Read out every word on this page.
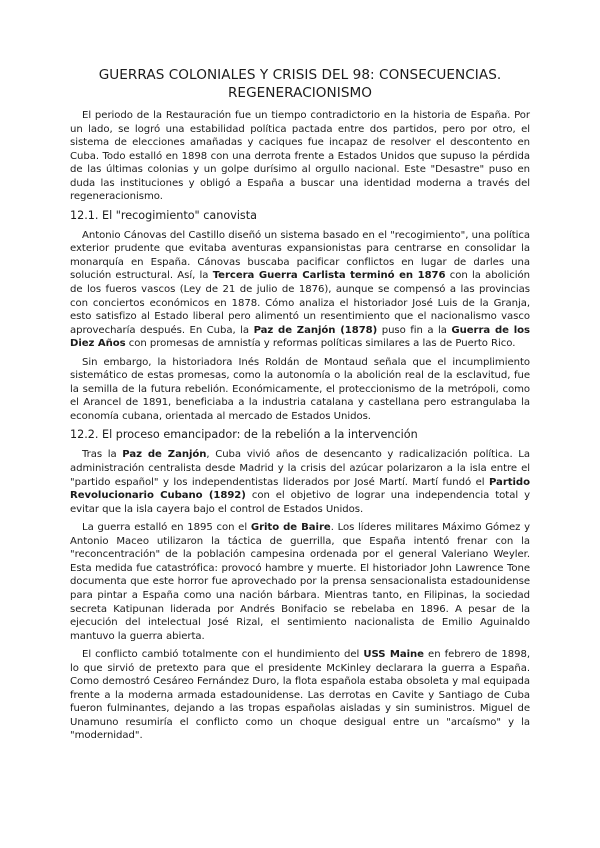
GUERRAS COLONIALES Y CRISIS DEL 98: CONSECUENCIAS.
REGENERACIONISMO

El periodo de la Restauración fue un tiempo contradictorio en la historia de España. Por un lado, se logró una estabilidad política pactada entre dos partidos, pero por otro, el sistema de elecciones amañadas y caciques fue incapaz de resolver el descontento en Cuba. Todo estalló en 1898 con una derrota frente a Estados Unidos que supuso la pérdida de las últimas colonias y un golpe durísimo al orgullo nacional. Este "Desastre" puso en duda las instituciones y obligó a España a buscar una identidad moderna a través del regeneracionismo.

12.1. El "recogimiento" canovista

Antonio Cánovas del Castillo diseñó un sistema basado en el "recogimiento", una política exterior prudente que evitaba aventuras expansionistas para centrarse en consolidar la monarquía en España. Cánovas buscaba pacificar conflictos en lugar de darles una solución estructural. Así, la Tercera Guerra Carlista terminó en 1876 con la abolición de los fueros vascos (Ley de 21 de julio de 1876), aunque se compensó a las provincias con conciertos económicos en 1878. Cómo analiza el historiador José Luis de la Granja, esto satisfizo al Estado liberal pero alimentó un resentimiento que el nacionalismo vasco aprovecharía después. En Cuba, la Paz de Zanjón (1878) puso fin a la Guerra de los Diez Años con promesas de amnistía y reformas políticas similares a las de Puerto Rico.

Sin embargo, la historiadora Inés Roldán de Montaud señala que el incumplimiento sistemático de estas promesas, como la autonomía o la abolición real de la esclavitud, fue la semilla de la futura rebelión. Económicamente, el proteccionismo de la metrópoli, como el Arancel de 1891, beneficiaba a la industria catalana y castellana pero estrangulaba la economía cubana, orientada al mercado de Estados Unidos.

12.2. El proceso emancipador: de la rebelión a la intervención

Tras la Paz de Zanjón, Cuba vivió años de desencanto y radicalización política. La administración centralista desde Madrid y la crisis del azúcar polarizaron a la isla entre el "partido español" y los independentistas liderados por José Martí. Martí fundó el Partido Revolucionario Cubano (1892) con el objetivo de lograr una independencia total y evitar que la isla cayera bajo el control de Estados Unidos.

La guerra estalló en 1895 con el Grito de Baire. Los líderes militares Máximo Gómez y Antonio Maceo utilizaron la táctica de guerrilla, que España intentó frenar con la "reconcentración" de la población campesina ordenada por el general Valeriano Weyler. Esta medida fue catastrófica: provocó hambre y muerte. El historiador John Lawrence Tone documenta que este horror fue aprovechado por la prensa sensacionalista estadounidense para pintar a España como una nación bárbara. Mientras tanto, en Filipinas, la sociedad secreta Katipunan liderada por Andrés Bonifacio se rebelaba en 1896. A pesar de la ejecución del intelectual José Rizal, el sentimiento nacionalista de Emilio Aguinaldo mantuvo la guerra abierta.

El conflicto cambió totalmente con el hundimiento del USS Maine en febrero de 1898, lo que sirvió de pretexto para que el presidente McKinley declarara la guerra a España. Como demostró Cesáreo Fernández Duro, la flota española estaba obsoleta y mal equipada frente a la moderna armada estadounidense. Las derrotas en Cavite y Santiago de Cuba fueron fulminantes, dejando a las tropas españolas aisladas y sin suministros. Miguel de Unamuno resumiría el conflicto como un choque desigual entre un "arcaísmo" y la "modernidad".
